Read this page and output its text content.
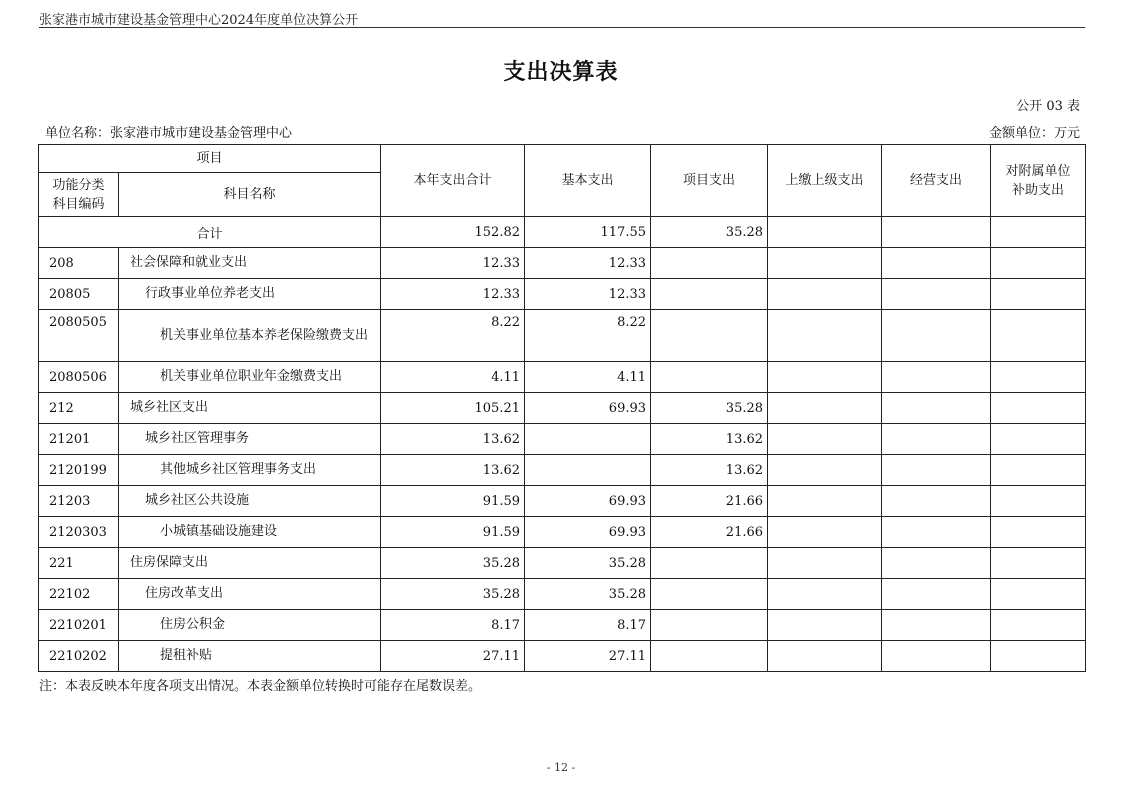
张家港市城市建设基金管理中心2024年度单位决算公开
支出决算表
公开 03 表
单位名称：张家港市城市建设基金管理中心	金额单位：万元
项目		本年支出合计	基本支出	项目支出	上缴上级支出	经营支出	对附属单位补助支出
功能分类科目编码	科目名称						
合计		152.82	117.55	35.28			
208	社会保障和就业支出	12.33	12.33				
20805	行政事业单位养老支出	12.33	12.33				
2080505	机关事业单位基本养老保险缴费支出	8.22	8.22				
2080506	机关事业单位职业年金缴费支出	4.11	4.11				
212	城乡社区支出	105.21	69.93	35.28			
21201	城乡社区管理事务	13.62		13.62			
2120199	其他城乡社区管理事务支出	13.62		13.62			
21203	城乡社区公共设施	91.59	69.93	21.66			
2120303	小城镇基础设施建设	91.59	69.93	21.66			
221	住房保障支出	35.28	35.28				
22102	住房改革支出	35.28	35.28				
2210201	住房公积金	8.17	8.17				
2210202	提租补贴	27.11	27.11				
注：本表反映本年度各项支出情况。本表金额单位转换时可能存在尾数误差。
- 12 -
